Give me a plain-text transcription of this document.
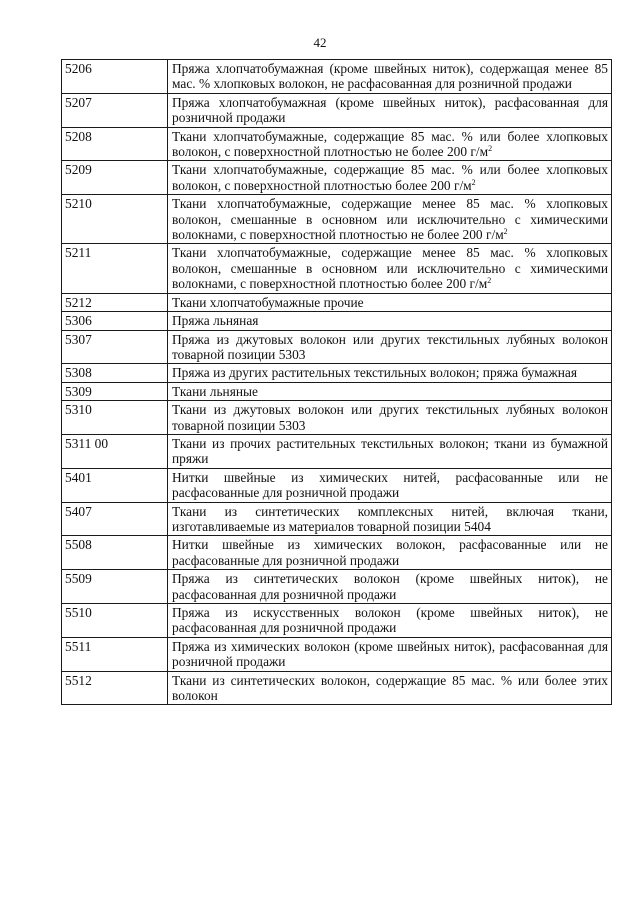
42
5206	Пряжа хлопчатобумажная (кроме швейных ниток), содержащая менее 85 мас. % хлопковых волокон, не расфасованная для розничной продажи
5207	Пряжа хлопчатобумажная (кроме швейных ниток), расфасованная для розничной продажи
5208	Ткани хлопчатобумажные, содержащие 85 мас. % или более хлопковых волокон, с поверхностной плотностью не более 200 $г/м^2$
5209	Ткани хлопчатобумажные, содержащие 85 мас. % или более хлопковых волокон, с поверхностной плотностью более 200 $г/м^2$
5210	Ткани хлопчатобумажные, содержащие менее 85 мас. % хлопковых волокон, смешанные в основном или исключительно с химическими волокнами, с поверхностной плотностью не более 200 $г/м^2$
5211	Ткани хлопчатобумажные, содержащие менее 85 мас. % хлопковых волокон, смешанные в основном или исключительно с химическими волокнами, с поверхностной плотностью более 200 $г/м^2$
5212	Ткани хлопчатобумажные прочие
5306	Пряжа льняная
5307	Пряжа из джутовых волокон или других текстильных лубяных волокон товарной позиции 5303
5308	Пряжа из других растительных текстильных волокон; пряжа бумажная
5309	Ткани льняные
5310	Ткани из джутовых волокон или других текстильных лубяных волокон товарной позиции 5303
5311 00	Ткани из прочих растительных текстильных волокон; ткани из бумажной пряжи
5401	Нитки швейные из химических нитей, расфасованные или не расфасованные для розничной продажи
5407	Ткани из синтетических комплексных нитей, включая ткани, изготавливаемые из материалов товарной позиции 5404
5508	Нитки швейные из химических волокон, расфасованные или не расфасованные для розничной продажи
5509	Пряжа из синтетических волокон (кроме швейных ниток), не расфасованная для розничной продажи
5510	Пряжа из искусственных волокон (кроме швейных ниток), не расфасованная для розничной продажи
5511	Пряжа из химических волокон (кроме швейных ниток), расфасованная для розничной продажи
5512	Ткани из синтетических волокон, содержащие 85 мас. % или более этих волокон
